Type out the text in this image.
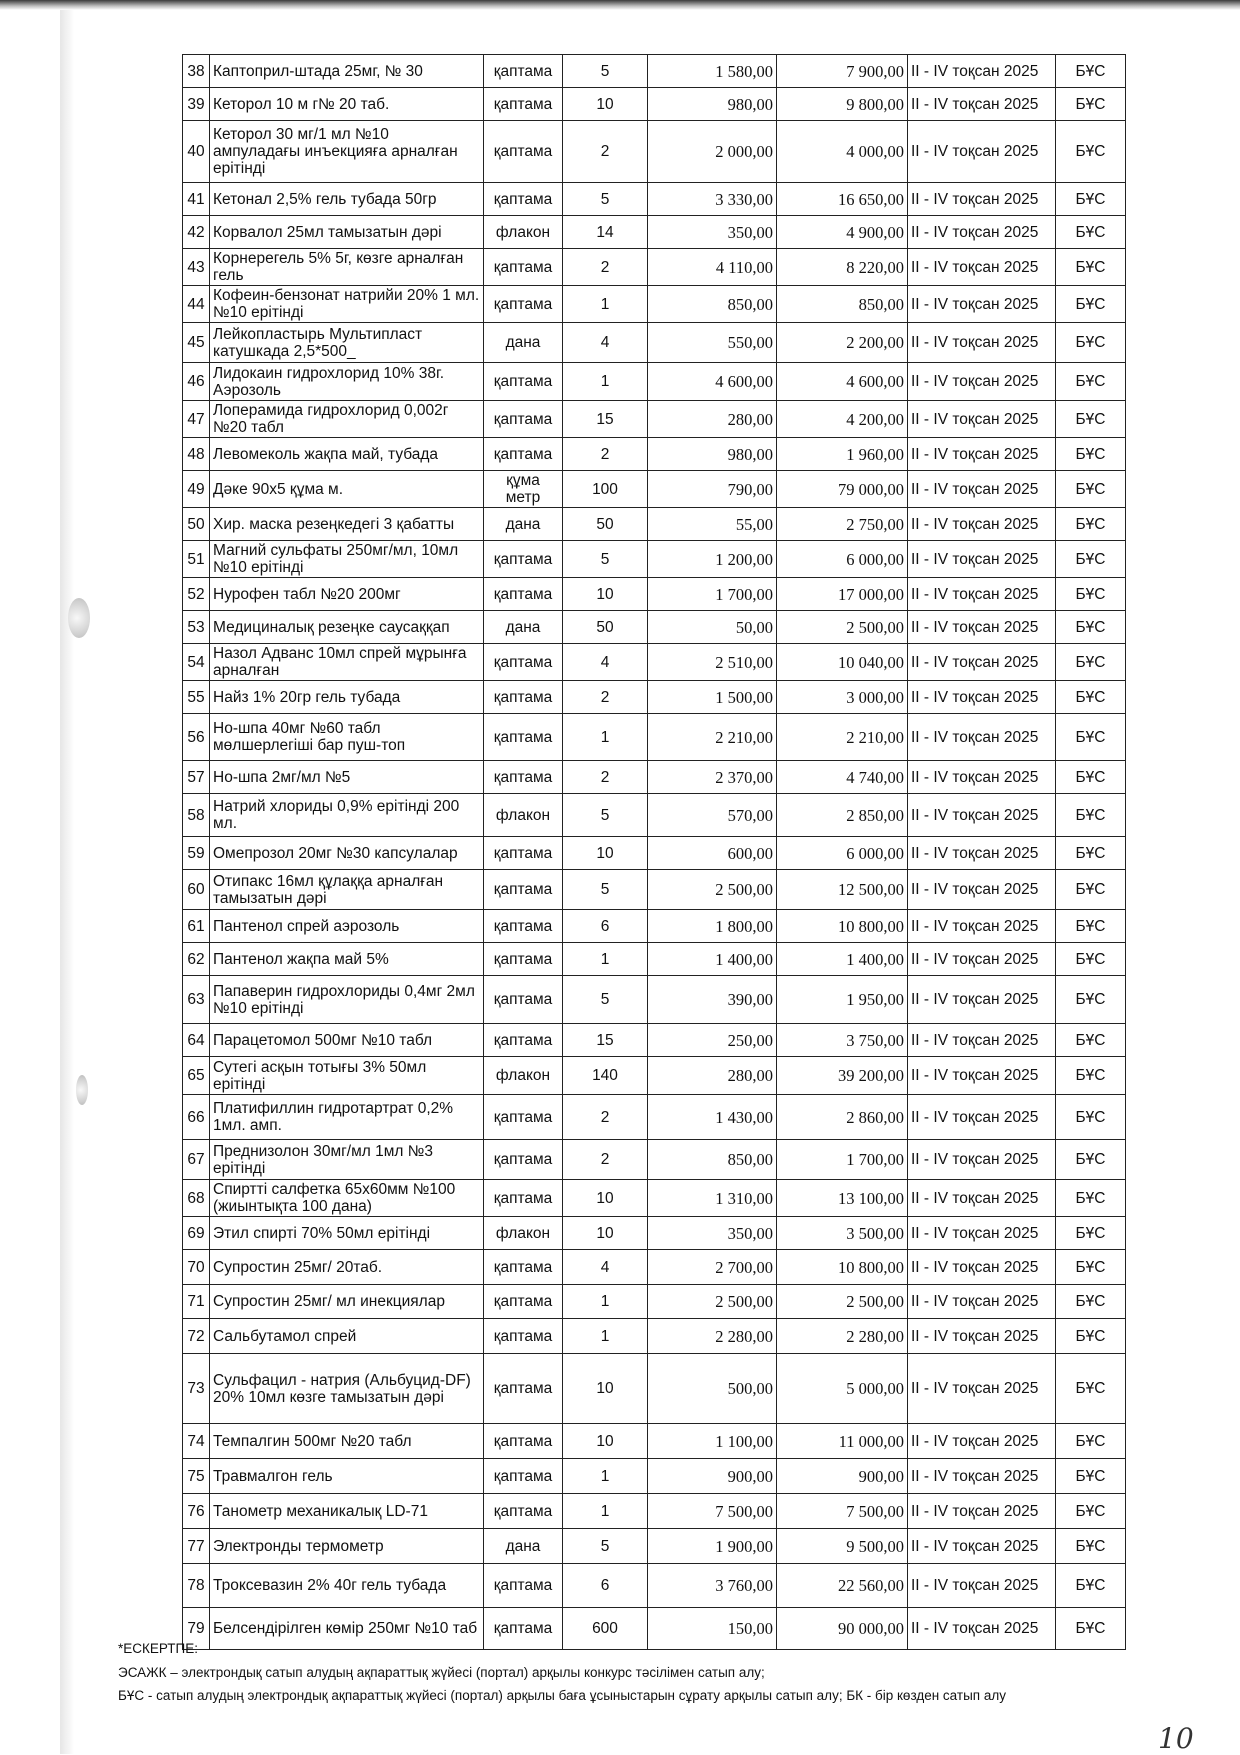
38	Каптоприл-штада 25мг, № 30	қаптама	5	1 580,00	7 900,00	II - IV тоқсан 2025	БҰС
39	Кеторол 10 м г№ 20 таб.	қаптама	10	980,00	9 800,00	II - IV тоқсан 2025	БҰС
40	Кеторол 30 мг/1 мл №10 ампуладағы инъекцияға арналған ерітінді	қаптама	2	2 000,00	4 000,00	II - IV тоқсан 2025	БҰС
41	Кетонал 2,5% гель тубада 50гр	қаптама	5	3 330,00	16 650,00	II - IV тоқсан 2025	БҰС
42	Корвалол 25мл тамызатын дәрі	флакон	14	350,00	4 900,00	II - IV тоқсан 2025	БҰС
43	Корнерегель 5% 5г, көзге арналған гель	қаптама	2	4 110,00	8 220,00	II - IV тоқсан 2025	БҰС
44	Кофеин-бензонат натрийи 20% 1 мл. №10 ерітінді	қаптама	1	850,00	850,00	II - IV тоқсан 2025	БҰС
45	Лейкопластырь Мультипласт катушкада 2,5*500_	дана	4	550,00	2 200,00	II - IV тоқсан 2025	БҰС
46	Лидокаин гидрохлорид 10% 38г. Аэрозоль	қаптама	1	4 600,00	4 600,00	II - IV тоқсан 2025	БҰС
47	Лоперамида гидрохлорид 0,002г №20 табл	қаптама	15	280,00	4 200,00	II - IV тоқсан 2025	БҰС
48	Левомеколь жақпа май, тубада	қаптама	2	980,00	1 960,00	II - IV тоқсан 2025	БҰС
49	Дәке 90х5 құма м.	құма метр	100	790,00	79 000,00	II - IV тоқсан 2025	БҰС
50	Хир. маска резеңкедегі 3 қабатты	дана	50	55,00	2 750,00	II - IV тоқсан 2025	БҰС
51	Магний сульфаты 250мг/мл, 10мл №10 ерітінді	қаптама	5	1 200,00	6 000,00	II - IV тоқсан 2025	БҰС
52	Нурофен табл №20 200мг	қаптама	10	1 700,00	17 000,00	II - IV тоқсан 2025	БҰС
53	Медициналық резеңке саусаққап	дана	50	50,00	2 500,00	II - IV тоқсан 2025	БҰС
54	Назол Адванс 10мл спрей мұрынға арналған	қаптама	4	2 510,00	10 040,00	II - IV тоқсан 2025	БҰС
55	Найз 1% 20гр гель тубада	қаптама	2	1 500,00	3 000,00	II - IV тоқсан 2025	БҰС
56	Но-шпа 40мг №60 табл мөлшерлегіші бар пуш-топ	қаптама	1	2 210,00	2 210,00	II - IV тоқсан 2025	БҰС
57	Но-шпа 2мг/мл №5	қаптама	2	2 370,00	4 740,00	II - IV тоқсан 2025	БҰС
58	Натрий хлориды 0,9% ерітінді 200 мл.	флакон	5	570,00	2 850,00	II - IV тоқсан 2025	БҰС
59	Омепрозол 20мг №30 капсулалар	қаптама	10	600,00	6 000,00	II - IV тоқсан 2025	БҰС
60	Отипакс 16мл құлаққа арналған тамызатын дәрі	қаптама	5	2 500,00	12 500,00	II - IV тоқсан 2025	БҰС
61	Пантенол спрей аэрозоль	қаптама	6	1 800,00	10 800,00	II - IV тоқсан 2025	БҰС
62	Пантенол жақпа май 5%	қаптама	1	1 400,00	1 400,00	II - IV тоқсан 2025	БҰС
63	Папаверин гидрохлориды 0,4мг 2мл №10 ерітінді	қаптама	5	390,00	1 950,00	II - IV тоқсан 2025	БҰС
64	Парацетомол 500мг №10 табл	қаптама	15	250,00	3 750,00	II - IV тоқсан 2025	БҰС
65	Сутегі асқын тотығы 3% 50мл ерітінді	флакон	140	280,00	39 200,00	II - IV тоқсан 2025	БҰС
66	Платифиллин гидротартрат 0,2% 1мл. амп.	қаптама	2	1 430,00	2 860,00	II - IV тоқсан 2025	БҰС
67	Преднизолон 30мг/мл 1мл №3 ерітінді	қаптама	2	850,00	1 700,00	II - IV тоқсан 2025	БҰС
68	Спиртті салфетка 65х60мм №100 (жиынтықта 100 дана)	қаптама	10	1 310,00	13 100,00	II - IV тоқсан 2025	БҰС
69	Этил спирті 70% 50мл ерітінді	флакон	10	350,00	3 500,00	II - IV тоқсан 2025	БҰС
70	Супростин 25мг/ 20таб.	қаптама	4	2 700,00	10 800,00	II - IV тоқсан 2025	БҰС
71	Супростин 25мг/ мл инекциялар	қаптама	1	2 500,00	2 500,00	II - IV тоқсан 2025	БҰС
72	Сальбутамол спрей	қаптама	1	2 280,00	2 280,00	II - IV тоқсан 2025	БҰС
73	Сульфацил - натрия (Альбуцид-DF) 20% 10мл көзге тамызатын дәрі	қаптама	10	500,00	5 000,00	II - IV тоқсан 2025	БҰС
74	Темпалгин 500мг №20 табл	қаптама	10	1 100,00	11 000,00	II - IV тоқсан 2025	БҰС
75	Травмалгон гель	қаптама	1	900,00	900,00	II - IV тоқсан 2025	БҰС
76	Танометр механикалық LD-71	қаптама	1	7 500,00	7 500,00	II - IV тоқсан 2025	БҰС
77	Электронды термометр	дана	5	1 900,00	9 500,00	II - IV тоқсан 2025	БҰС
78	Троксевазин 2% 40г гель тубада	қаптама	6	3 760,00	22 560,00	II - IV тоқсан 2025	БҰС
79	Белсендірілген көмір 250мг №10 таб	қаптама	600	150,00	90 000,00	II - IV тоқсан 2025	БҰС
*ЕСКЕРТПЕ:
ЭСАЖК – электрондық сатып алудың ақпараттық жүйесі (портал) арқылы конкурс тәсілімен сатып алу;
БҰС - сатып алудың электрондық ақпараттық жүйесі (портал) арқылы баға ұсыныстарын сұрату арқылы сатып алу; БК - бір көзден сатып алу
10
